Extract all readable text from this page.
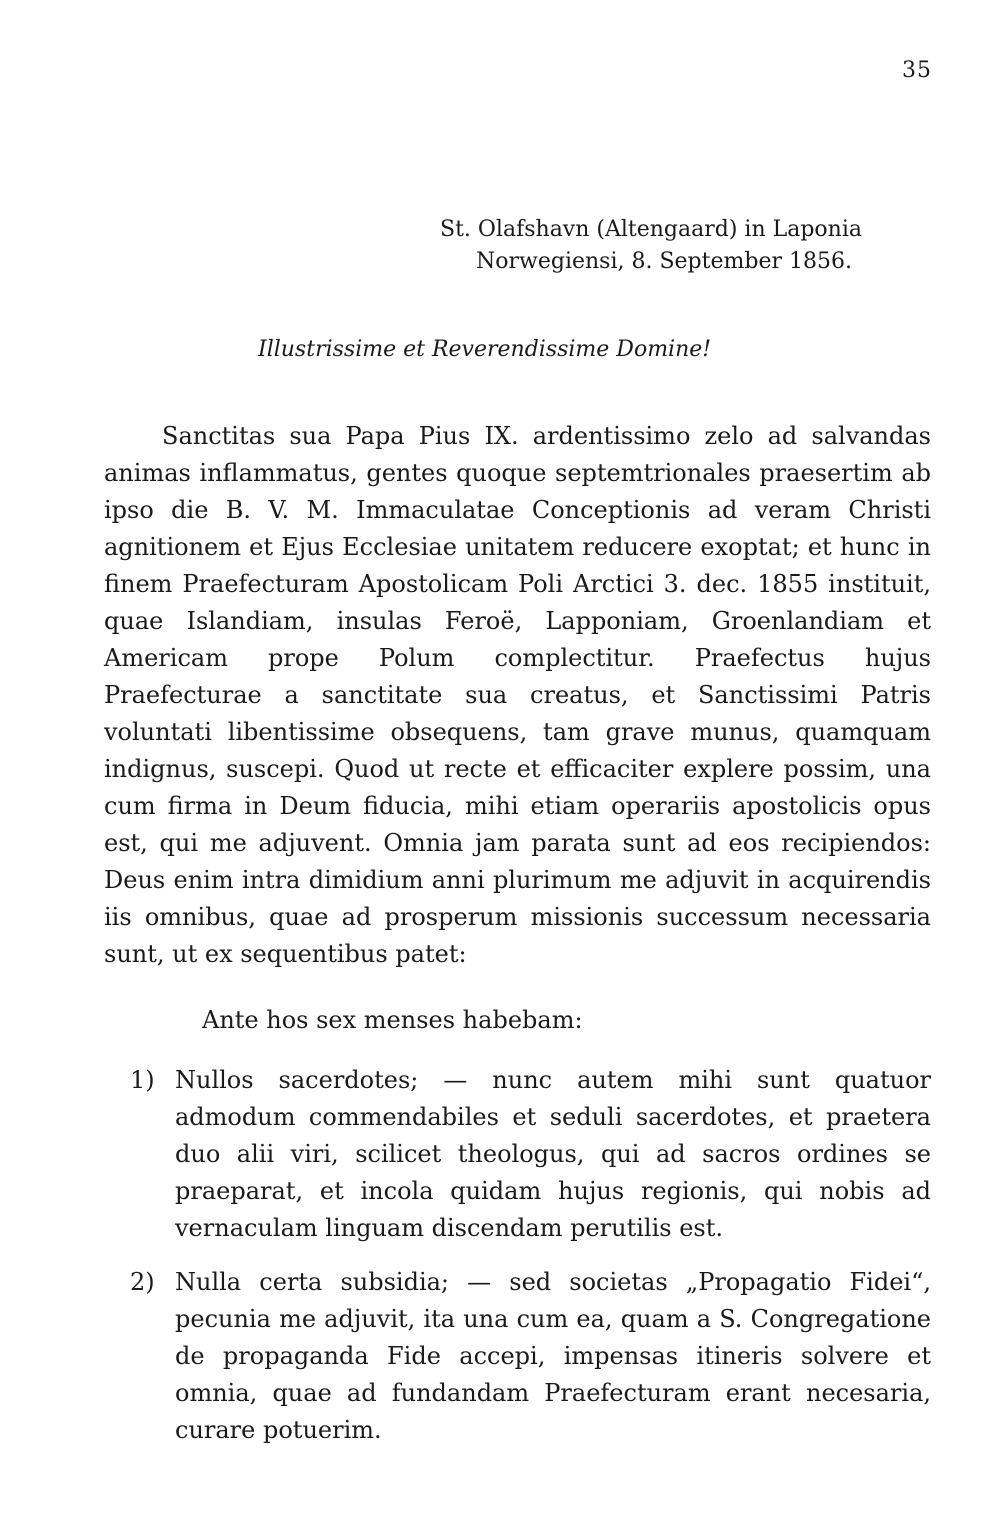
35
St. Olafshavn (Altengaard) in Laponia
Norwegiensi, 8. September 1856.
Illustrissime et Reverendissime Domine!

Sanctitas sua Papa Pius IX. ardentissimo zelo ad salvandas animas inflammatus, gentes quoque septemtrionales praesertim ab ipso die B. V. M. Immaculatae Conceptionis ad veram Christi agnitionem et Ejus Ecclesiae unitatem reducere exoptat; et hunc in finem Praefecturam Apostolicam Poli Arctici 3. dec. 1855 instituit, quae Islandiam, insulas Feroë, Lapponiam, Groenlandiam et Americam prope Polum complectitur. Praefectus hujus Praefecturae a sanctitate sua creatus, et Sanctissimi Patris voluntati libentissime obsequens, tam grave munus, quamquam indignus, suscepi. Quod ut recte et efficaciter explere possim, una cum firma in Deum fiducia, mihi etiam operariis apostolicis opus est, qui me adjuvent. Omnia jam parata sunt ad eos recipiendos: Deus enim intra dimidium anni plurimum me adjuvit in acquirendis iis omnibus, quae ad prosperum missionis successum necessaria sunt, ut ex sequentibus patet:

Ante hos sex menses habebam:
1) Nullos sacerdotes; — nunc autem mihi sunt quatuor admodum commendabiles et seduli sacerdotes, et praetera duo alii viri, scilicet theologus, qui ad sacros ordines se praeparat, et incola quidam hujus regionis, qui nobis ad vernaculam linguam discendam perutilis est.
2) Nulla certa subsidia; — sed societas „Propagatio Fidei“, pecunia me adjuvit, ita una cum ea, quam a S. Congregatione de propaganda Fide accepi, impensas itineris solvere et omnia, quae ad fundandam Praefecturam erant necesaria, curare potuerim.
